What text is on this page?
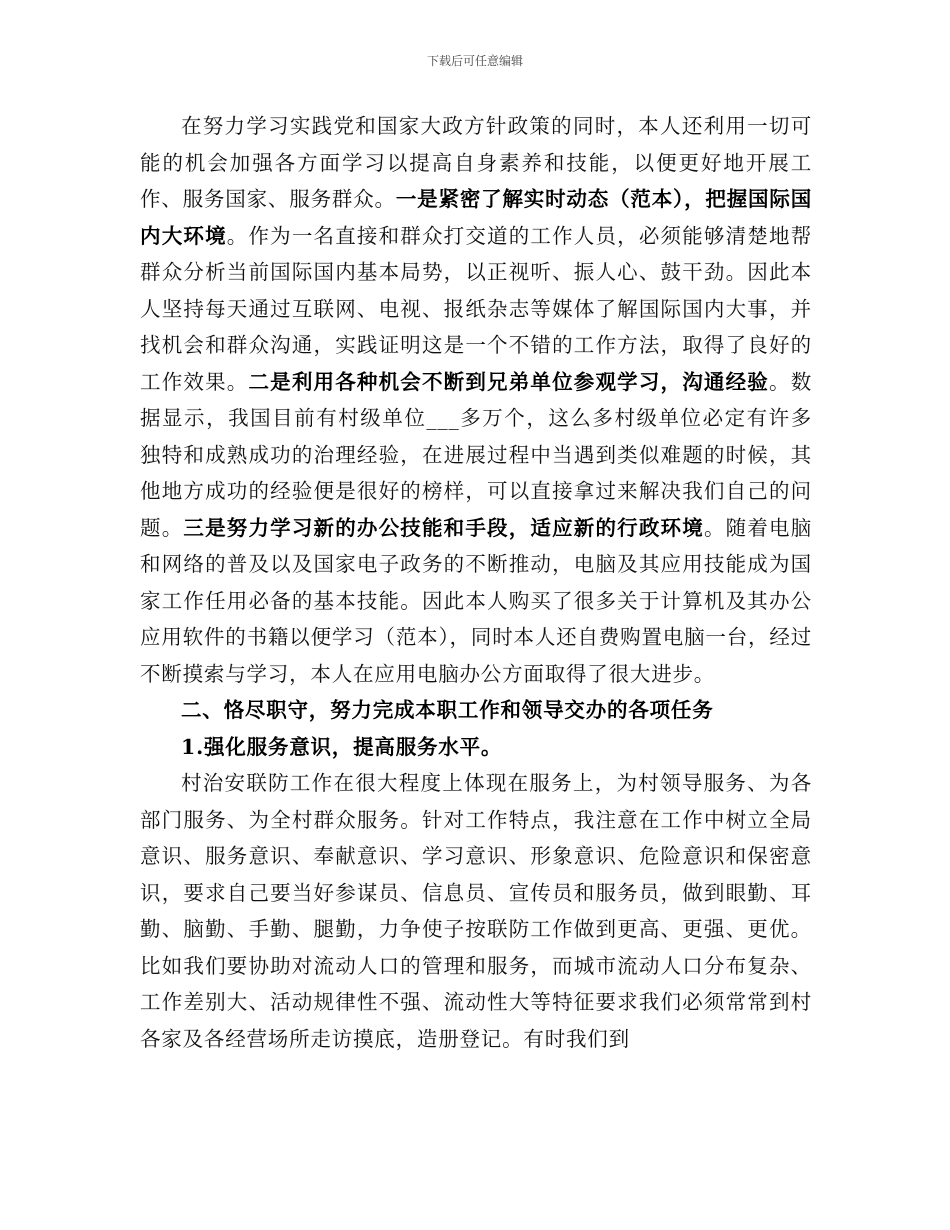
下载后可任意编辑

在努力学习实践党和国家大政方针政策的同时，本人还利用一切可能的机会加强各方面学习以提高自身素养和技能，以便更好地开展工作、服务国家、服务群众。一是紧密了解实时动态（范本），把握国际国内大环境。作为一名直接和群众打交道的工作人员，必须能够清楚地帮群众分析当前国际国内基本局势，以正视听、振人心、鼓干劲。因此本人坚持每天通过互联网、电视、报纸杂志等媒体了解国际国内大事，并找机会和群众沟通，实践证明这是一个不错的工作方法，取得了良好的工作效果。二是利用各种机会不断到兄弟单位参观学习，沟通经验。数据显示，我国目前有村级单位___多万个，这么多村级单位必定有许多独特和成熟成功的治理经验，在进展过程中当遇到类似难题的时候，其他地方成功的经验便是很好的榜样，可以直接拿过来解决我们自己的问题。三是努力学习新的办公技能和手段，适应新的行政环境。随着电脑和网络的普及以及国家电子政务的不断推动，电脑及其应用技能成为国家工作任用必备的基本技能。因此本人购买了很多关于计算机及其办公应用软件的书籍以便学习（范本），同时本人还自费购置电脑一台，经过不断摸索与学习，本人在应用电脑办公方面取得了很大进步。

二、恪尽职守，努力完成本职工作和领导交办的各项任务

1.强化服务意识，提高服务水平。

村治安联防工作在很大程度上体现在服务上，为村领导服务、为各部门服务、为全村群众服务。针对工作特点，我注意在工作中树立全局意识、服务意识、奉献意识、学习意识、形象意识、危险意识和保密意识，要求自己要当好参谋员、信息员、宣传员和服务员，做到眼勤、耳勤、脑勤、手勤、腿勤，力争使子按联防工作做到更高、更强、更优。比如我们要协助对流动人口的管理和服务，而城市流动人口分布复杂、工作差别大、活动规律性不强、流动性大等特征要求我们必须常常到村各家及各经营场所走访摸底，造册登记。有时我们到
